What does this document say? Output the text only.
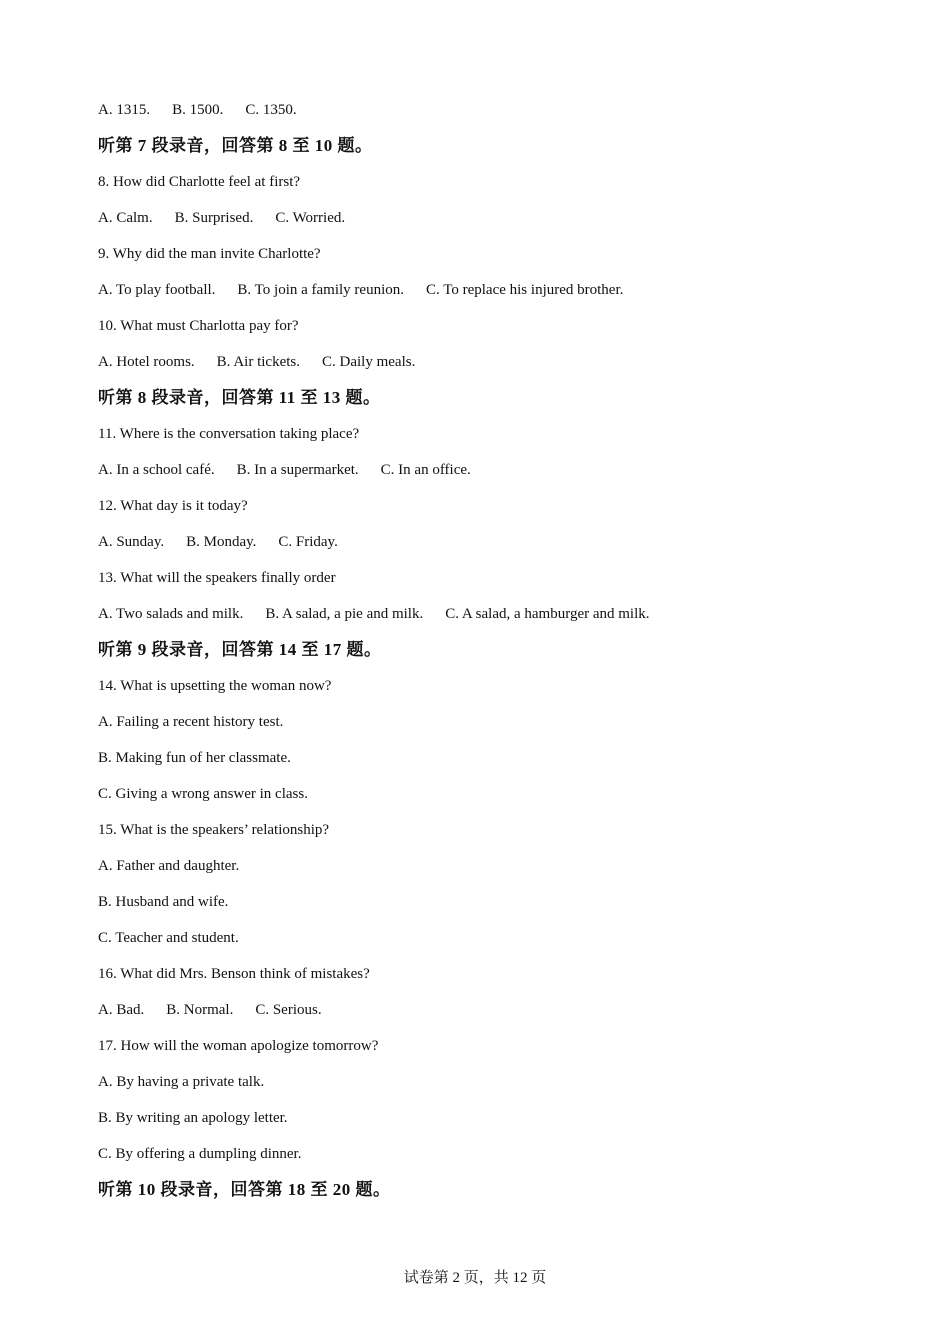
A. 1315. B. 1500. C. 1350.
听第 7 段录音，回答第 8 至 10 题。
8. How did Charlotte feel at first?
A. Calm. B. Surprised. C. Worried.
9. Why did the man invite Charlotte?
A. To play football. B. To join a family reunion. C. To replace his injured brother.
10. What must Charlotta pay for?
A. Hotel rooms. B. Air tickets. C. Daily meals.
听第 8 段录音，回答第 11 至 13 题。
11. Where is the conversation taking place?
A. In a school café. B. In a supermarket. C. In an office.
12. What day is it today?
A. Sunday. B. Monday. C. Friday.
13. What will the speakers finally order
A. Two salads and milk. B. A salad, a pie and milk. C. A salad, a hamburger and milk.
听第 9 段录音，回答第 14 至 17 题。
14. What is upsetting the woman now?
A. Failing a recent history test.
B. Making fun of her classmate.
C. Giving a wrong answer in class.
15. What is the speakers’ relationship?
A. Father and daughter.
B. Husband and wife.
C. Teacher and student.
16. What did Mrs. Benson think of mistakes?
A. Bad. B. Normal. C. Serious.
17. How will the woman apologize tomorrow?
A. By having a private talk.
B. By writing an apology letter.
C. By offering a dumpling dinner.
听第 10 段录音，回答第 18 至 20 题。
试卷第 2 页，共 12 页
